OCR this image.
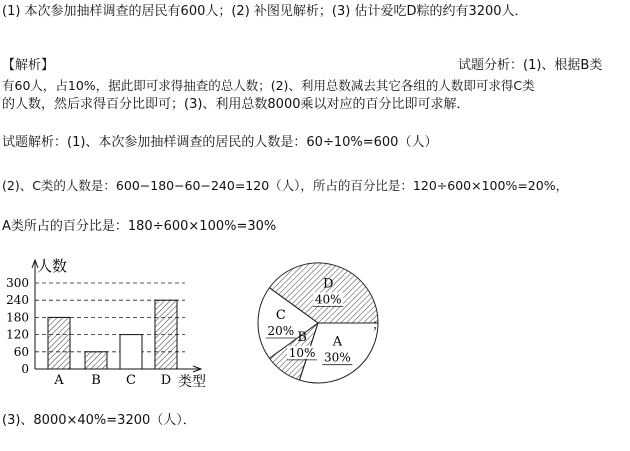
(1) 本次参加抽样调查的居民有600人；(2) 补图见解析；(3) 估计爱吃D粽的约有3200人．
【解析】	试题分析：(1)、根据B类
有60人，占10%，据此即可求得抽查的总人数；(2)、利用总数减去其它各组的人数即可求得C类
的人数，然后求得百分比即可；(3)、利用总数8000乘以对应的百分比即可求解．
试题解析：(1)、本次参加抽样调查的居民的人数是：60÷10%=600（人）
(2)、C类的人数是：600−180−60−240=120（人），所占的百分比是：120÷600×100%=20%，
A类所占的百分比是：180÷600×100%=30%
0
60
120
180
240
300
人数
类型
A B C D
A
30%
B
10%
C
20%
D
40%
；
(3)、8000×40%=3200（人）．
